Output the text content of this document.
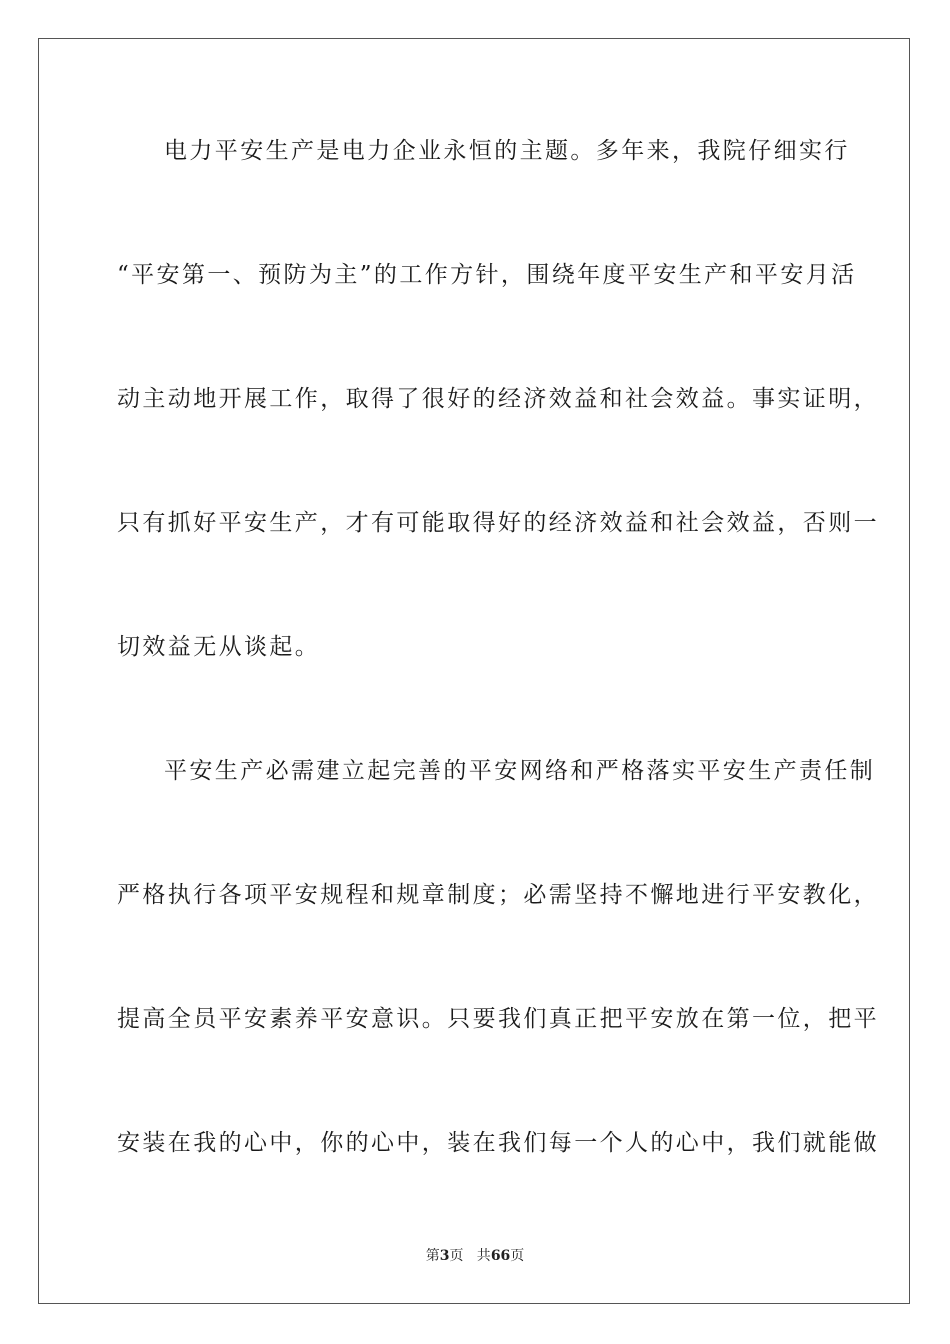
电力平安生产是电力企业永恒的主题。多年来，我院仔细实行
“平安第一、预防为主”的工作方针，围绕年度平安生产和平安月活
动主动地开展工作，取得了很好的经济效益和社会效益。事实证明，
只有抓好平安生产，才有可能取得好的经济效益和社会效益，否则一
切效益无从谈起。
平安生产必需建立起完善的平安网络和严格落实平安生产责任制
严格执行各项平安规程和规章制度；必需坚持不懈地进行平安教化，
提高全员平安素养平安意识。只要我们真正把平安放在第一位，把平
安装在我的心中，你的心中，装在我们每一个人的心中，我们就能做
第3页   共66页
